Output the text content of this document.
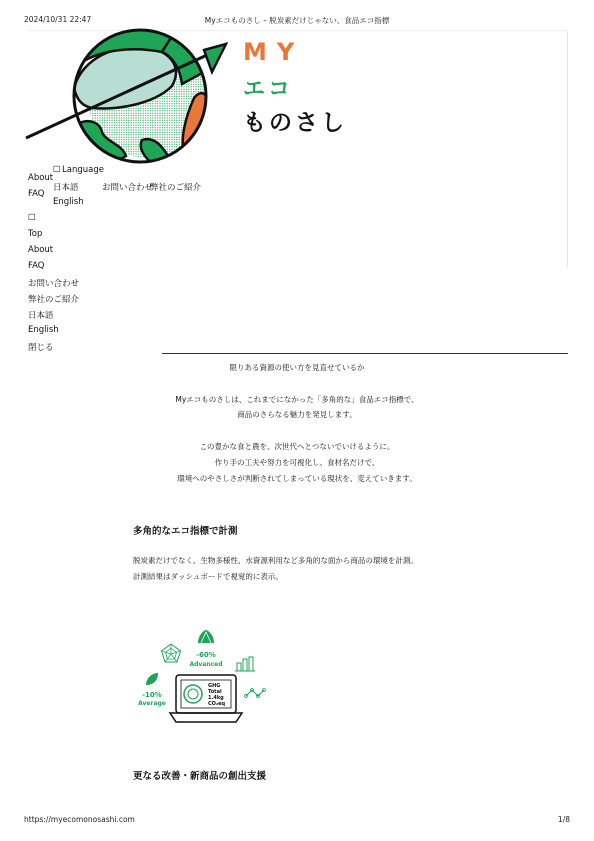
2024/10/31 22:47	Myエコものさし – 脱炭素だけじゃない、食品エコ指標
MY
エコ
ものさし
☐ Language
About
日本語	お問い合わせ
弊社のご紹介
FAQ
English
☐
Top
About
FAQ
お問い合わせ
弊社のご紹介
日本語
English
閉じる
限りある資源の使い方を見直せているか
Myエコものさしは、これまでになかった「多角的な」食品エコ指標で、
商品のさらなる魅力を発見します。
この豊かな食と農を、次世代へとつないでいけるように。
作り手の工夫や努力を可視化し、食材名だけで、
環境へのやさしさが判断されてしまっている現状を、変えていきます。
多角的なエコ指標で計測
脱炭素だけでなく、生物多様性、水資源利用など多角的な面から商品の環境を計測。
計測結果はダッシュボードで視覚的に表示。
-60%
Advanced
-10%
Average
GHG
Total
1.4kg
CO₂eq
更なる改善・新商品の創出支援
https://myecomonosashi.com	1/8
